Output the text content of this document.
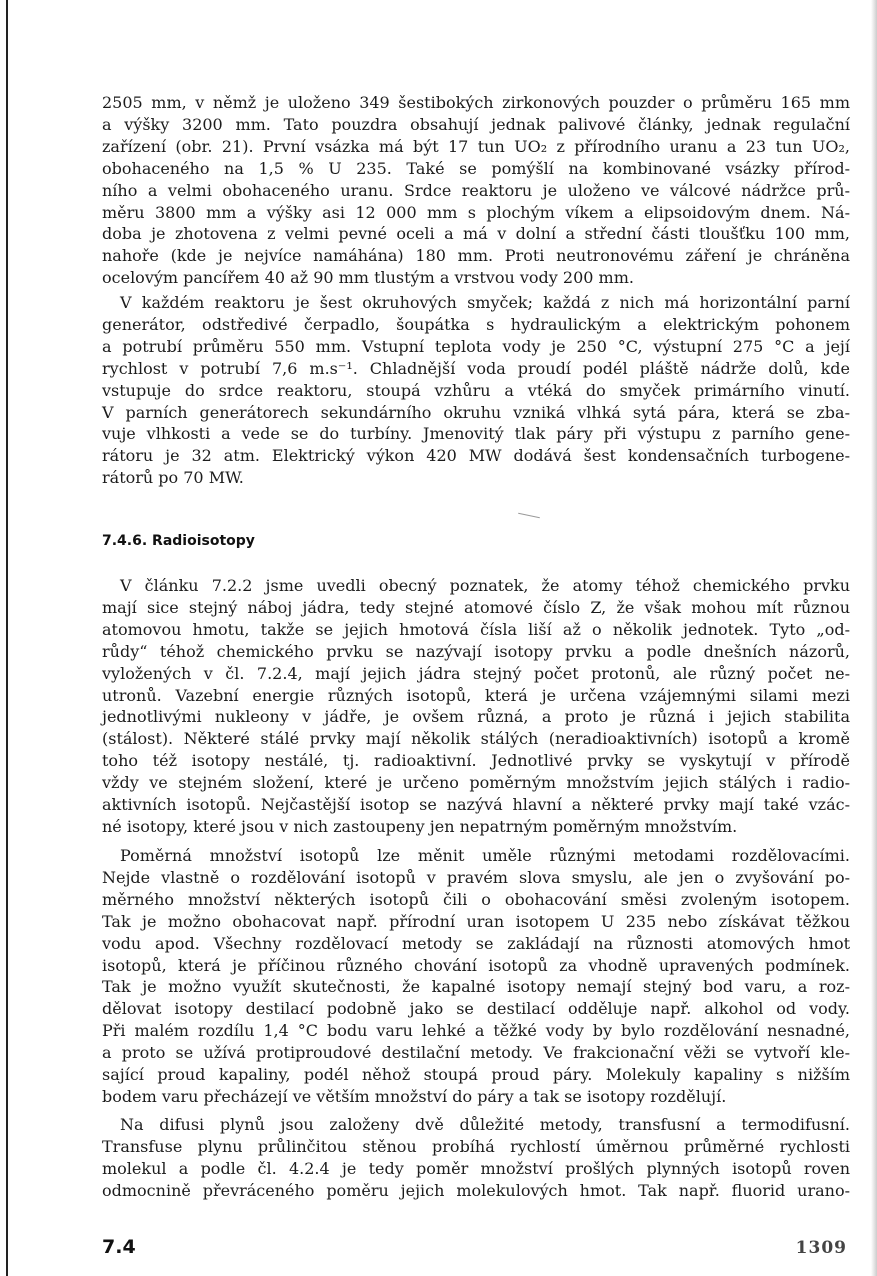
2505 mm, v němž je uloženo 349 šestibokých zirkonových pouzder o průměru 165 mm
a výšky 3200 mm. Tato pouzdra obsahují jednak palivové články, jednak regulační
zařízení (obr. 21). První vsázka má být 17 tun UO₂ z přírodního uranu a 23 tun UO₂,
obohaceného na 1,5 % U 235. Také se pomýšlí na kombinované vsázky přírod-
ního a velmi obohaceného uranu. Srdce reaktoru je uloženo ve válcové nádržce prů-
měru 3800 mm a výšky asi 12 000 mm s plochým víkem a elipsoidovým dnem. Ná-
doba je zhotovena z velmi pevné oceli a má v dolní a střední části tloušťku 100 mm,
nahoře (kde je nejvíce namáhána) 180 mm. Proti neutronovému záření je chráněna
ocelovým pancířem 40 až 90 mm tlustým a vrstvou vody 200 mm.
V každém reaktoru je šest okruhových smyček; každá z nich má horizontální parní
generátor, odstředivé čerpadlo, šoupátka s hydraulickým a elektrickým pohonem
a potrubí průměru 550 mm. Vstupní teplota vody je 250 °C, výstupní 275 °C a její
rychlost v potrubí 7,6 m.s⁻¹. Chladnější voda proudí podél pláště nádrže dolů, kde
vstupuje do srdce reaktoru, stoupá vzhůru a vtéká do smyček primárního vinutí.
V parních generátorech sekundárního okruhu vzniká vlhká sytá pára, která se zba-
vuje vlhkosti a vede se do turbíny. Jmenovitý tlak páry při výstupu z parního gene-
rátoru je 32 atm. Elektrický výkon 420 MW dodává šest kondensačních turbogene-
rátorů po 70 MW.
7.4.6. Radioisotopy
V článku 7.2.2 jsme uvedli obecný poznatek, že atomy téhož chemického prvku
mají sice stejný náboj jádra, tedy stejné atomové číslo Z, že však mohou mít různou
atomovou hmotu, takže se jejich hmotová čísla liší až o několik jednotek. Tyto „od-
růdy“ téhož chemického prvku se nazývají isotopy prvku a podle dnešních názorů,
vyložených v čl. 7.2.4, mají jejich jádra stejný počet protonů, ale různý počet ne-
utronů. Vazební energie různých isotopů, která je určena vzájemnými silami mezi
jednotlivými nukleony v jádře, je ovšem různá, a proto je různá i jejich stabilita
(stálost). Některé stálé prvky mají několik stálých (neradioaktivních) isotopů a kromě
toho též isotopy nestálé, tj. radioaktivní. Jednotlivé prvky se vyskytují v přírodě
vždy ve stejném složení, které je určeno poměrným množstvím jejich stálých i radio-
aktivních isotopů. Nejčastější isotop se nazývá hlavní a některé prvky mají také vzác-
né isotopy, které jsou v nich zastoupeny jen nepatrným poměrným množstvím.
Poměrná množství isotopů lze měnit uměle různými metodami rozdělovacími.
Nejde vlastně o rozdělování isotopů v pravém slova smyslu, ale jen o zvyšování po-
měrného množství některých isotopů čili o obohacování směsi zvoleným isotopem.
Tak je možno obohacovat např. přírodní uran isotopem U 235 nebo získávat těžkou
vodu apod. Všechny rozdělovací metody se zakládají na různosti atomových hmot
isotopů, která je příčinou různého chování isotopů za vhodně upravených podmínek.
Tak je možno využít skutečnosti, že kapalné isotopy nemají stejný bod varu, a roz-
dělovat isotopy destilací podobně jako se destilací odděluje např. alkohol od vody.
Při malém rozdílu 1,4 °C bodu varu lehké a těžké vody by bylo rozdělování nesnadné,
a proto se užívá protiproudové destilační metody. Ve frakcionační věži se vytvoří kle-
sající proud kapaliny, podél něhož stoupá proud páry. Molekuly kapaliny s nižším
bodem varu přecházejí ve větším množství do páry a tak se isotopy rozdělují.
Na difusi plynů jsou založeny dvě důležité metody, transfusní a termodifusní.
Transfuse plynu průlinčitou stěnou probíhá rychlostí úměrnou průměrné rychlosti
molekul a podle čl. 4.2.4 je tedy poměr množství prošlých plynných isotopů roven
odmocnině převráceného poměru jejich molekulových hmot. Tak např. fluorid urano-
7.4	1309
